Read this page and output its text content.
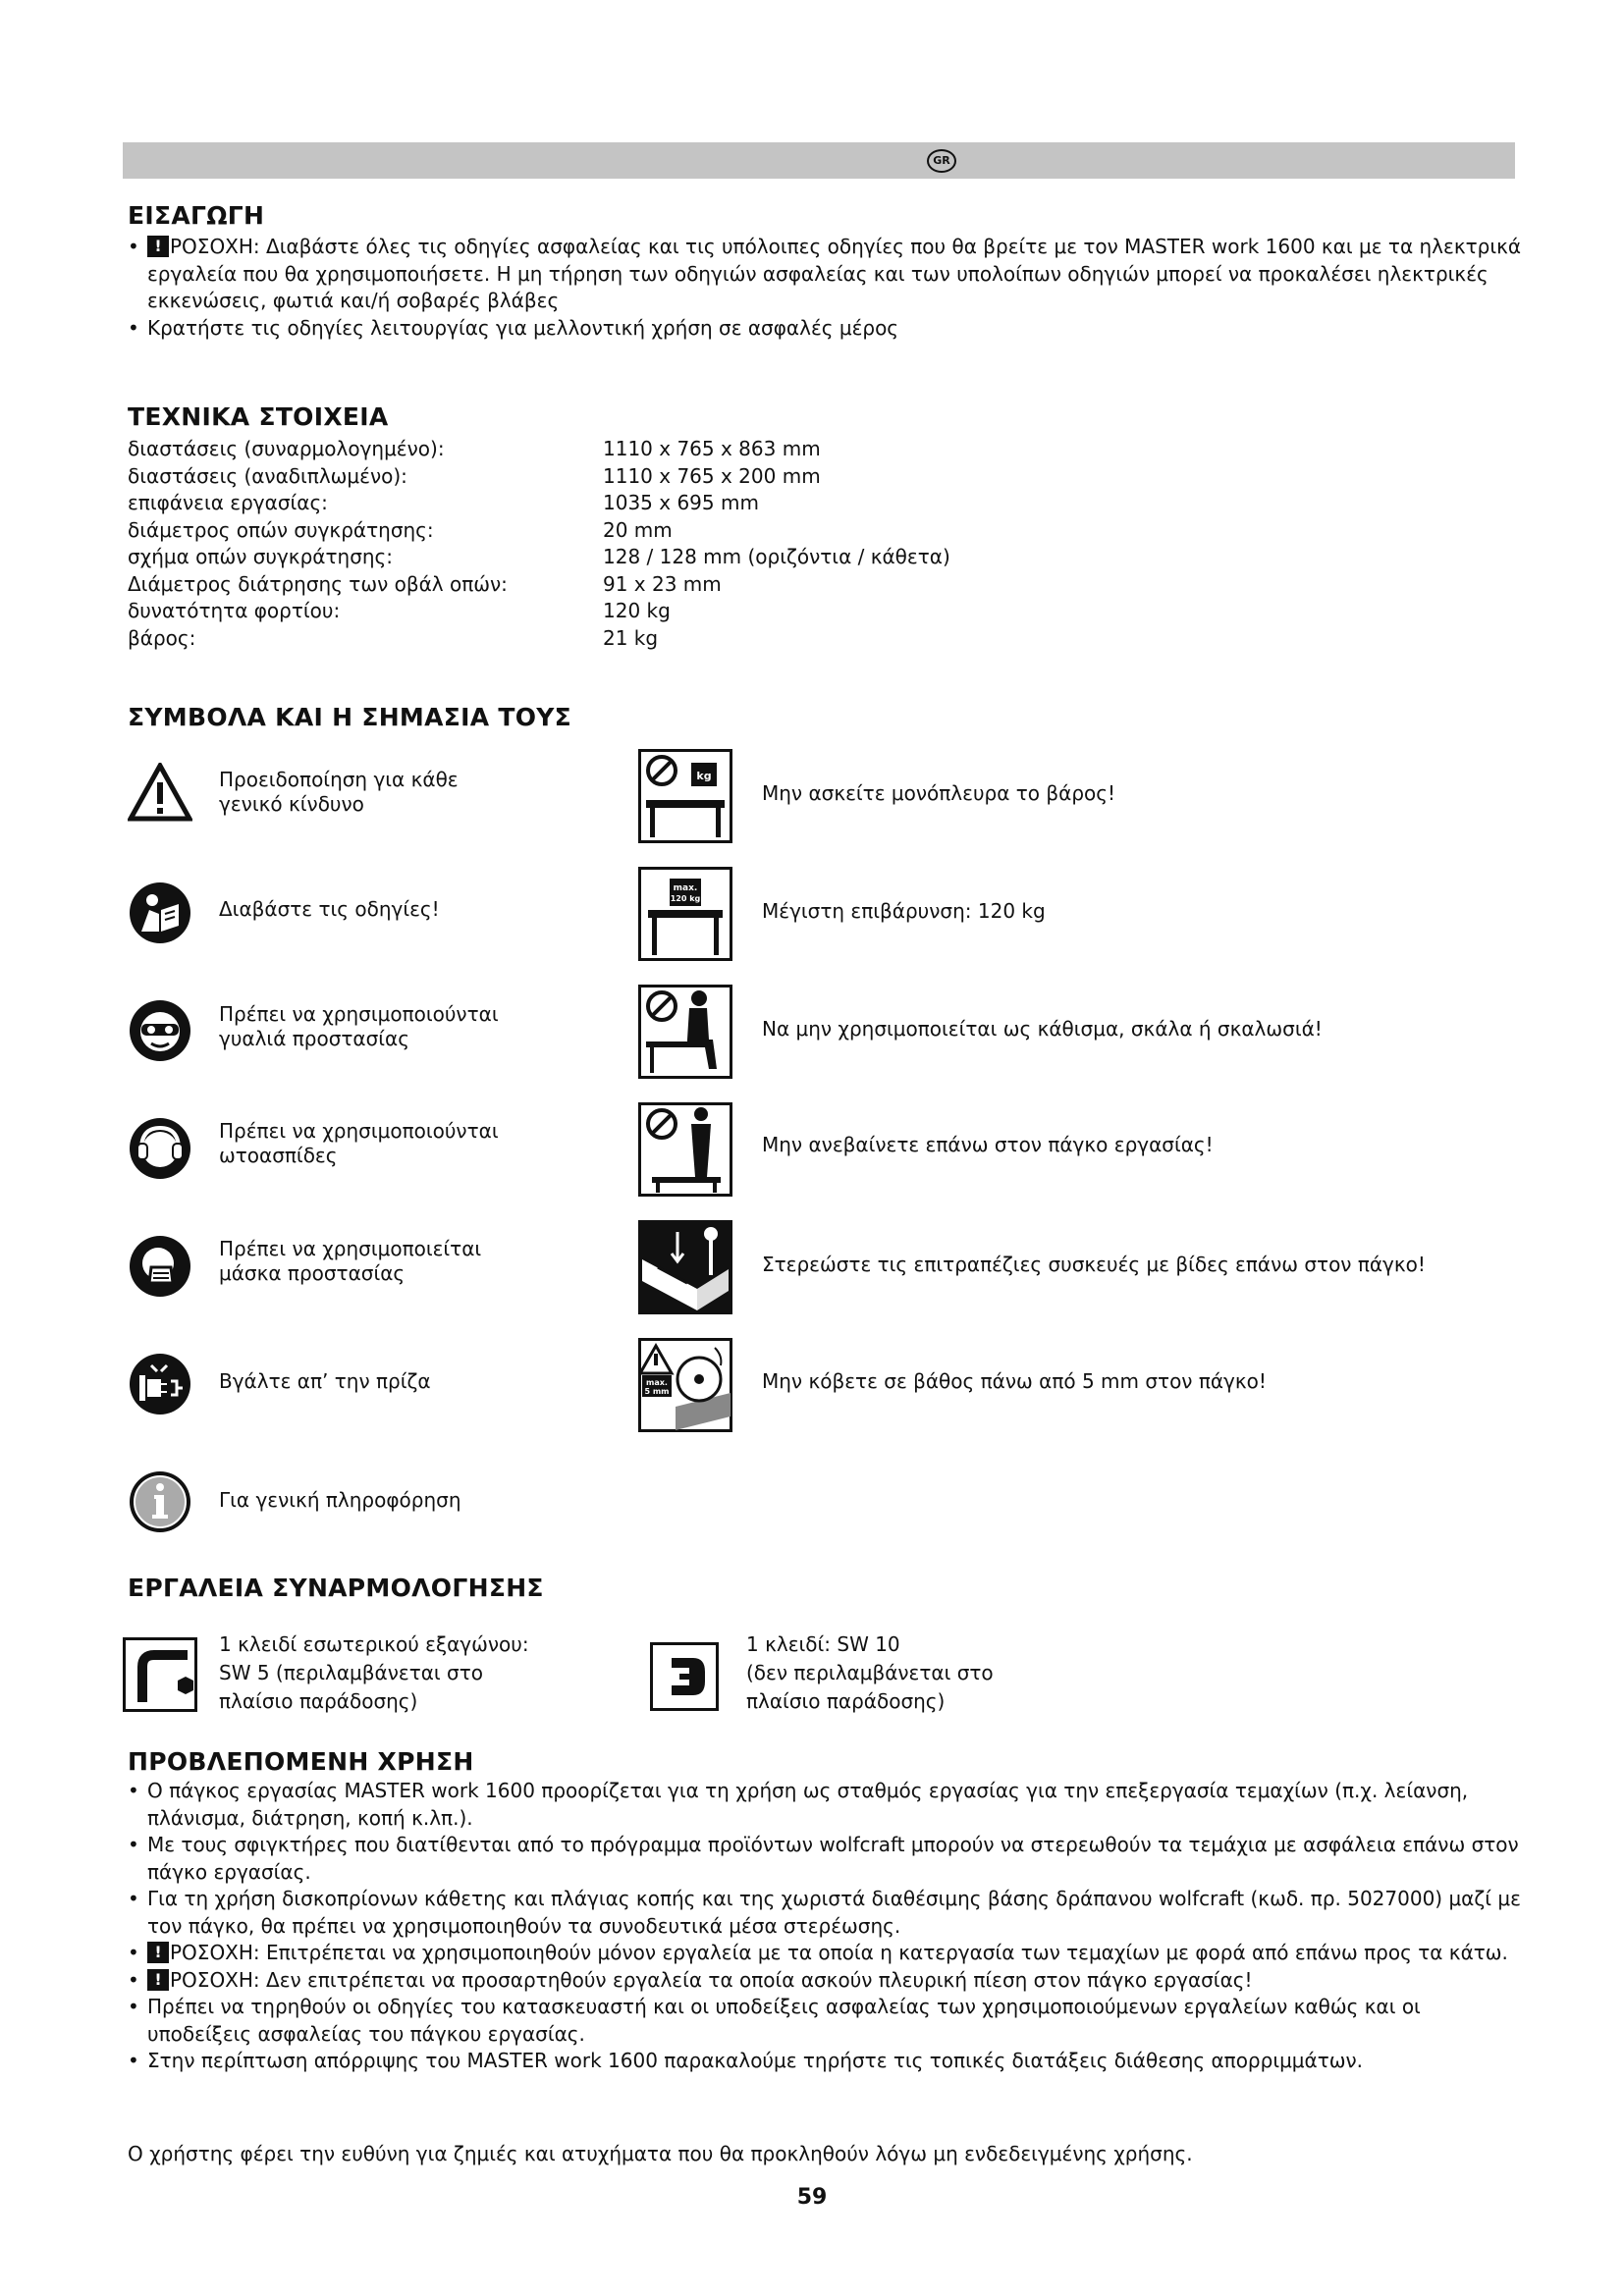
GR
ΕΙΣΑΓΩΓΗ
!• ΡΟΣΟΧΗ: Διαβάστε όλες τις οδηγίες ασφαλείας και τις υπόλοιπες οδηγίες που θα βρείτε με τον MASTER work 1600 και με τα ηλεκτρικά εργαλεία που θα χρησιμοποιήσετε. Η μη τήρηση των οδηγιών ασφαλείας και των υπολοίπων οδηγιών μπορεί να προκαλέσει ηλεκτρικές εκκενώσεις, φωτιά και/ή σοβαρές βλάβες
• Κρατήστε τις οδηγίες λειτουργίας για μελλοντική χρήση σε ασφαλές μέρος
ΤΕΧΝΙΚΑ ΣΤΟΙΧΕΙΑ
διαστάσεις (συναρμολογημένο):
διαστάσεις (αναδιπλωμένο):
επιφάνεια εργασίας:
διάμετρος οπών συγκράτησης:
σχήμα οπών συγκράτησης:
Διάμετρος διάτρησης των οβάλ οπών:
δυνατότητα φορτίου:
βάρος:
1110 x 765 x 863 mm
1110 x 765 x 200 mm
1035 x 695 mm
20 mm
128 / 128 mm (οριζόντια / κάθετα)
91 x 23 mm
120 kg
21 kg
ΣΥΜΒΟΛΑ ΚΑΙ Η ΣΗΜΑΣΙΑ ΤΟΥΣ
Προειδοποίηση για κάθε
γενικό κίνδυνο
Διαβάστε τις οδηγίες!
Πρέπει να χρησιμοποιούνται
γυαλιά προστασίας
Πρέπει να χρησιμοποιούνται
ωτοασπίδες
Πρέπει να χρησιμοποιείται
μάσκα προστασίας
Βγάλτε απ’ την πρίζα
Για γενική πληροφόρηση
kg
max.
120 kg
max.
5 mm
Μην ασκείτε μονόπλευρα το βάρος!
Μέγιστη επιβάρυνση: 120 kg
Να μην χρησιμοποιείται ως κάθισμα, σκάλα ή σκαλωσιά!
Μην ανεβαίνετε επάνω στον πάγκο εργασίας!
Στερεώστε τις επιτραπέζιες συσκευές με βίδες επάνω στον πάγκο!
Μην κόβετε σε βάθος πάνω από 5 mm στον πάγκο!
ΕΡΓΑΛΕΙΑ ΣΥΝΑΡΜΟΛΟΓΗΣΗΣ
1 κλειδί εσωτερικού εξαγώνου:
SW 5 (περιλαμβάνεται στο
πλαίσιο παράδοσης)
1 κλειδί: SW 10
(δεν περιλαμβάνεται στο
πλαίσιο παράδοσης)
ΠΡΟΒΛΕΠΟΜΕΝΗ ΧΡΗΣΗ
• Ο πάγκος εργασίας MASTER work 1600 προορίζεται για τη χρήση ως σταθμός εργασίας για την επεξεργασία τεμαχίων (π.χ. λείανση, πλάνισμα, διάτρηση, κοπή κ.λπ.).
• Με τους σφιγκτήρες που διατίθενται από το πρόγραμμα προϊόντων wolfcraft μπορούν να στερεωθούν τα τεμάχια με ασφάλεια επάνω στον πάγκο εργασίας.
• Για τη χρήση δισκοπρίονων κάθετης και πλάγιας κοπής και της χωριστά διαθέσιμης βάσης δράπανου wolfcraft (κωδ. πρ. 5027000) μαζί με τον πάγκο, θα πρέπει να χρησιμοποιηθούν τα συνοδευτικά μέσα στερέωσης.
!• ΡΟΣΟΧΗ: Επιτρέπεται να χρησιμοποιηθούν μόνον εργαλεία με τα οποία η κατεργασία των τεμαχίων με φορά από επάνω προς τα κάτω.
!• ΡΟΣΟΧΗ: Δεν επιτρέπεται να προσαρτηθούν εργαλεία τα οποία ασκούν πλευρική πίεση στον πάγκο εργασίας!
• Πρέπει να τηρηθούν οι οδηγίες του κατασκευαστή και οι υποδείξεις ασφαλείας των χρησιμοποιούμενων εργαλείων καθώς και οι υποδείξεις ασφαλείας του πάγκου εργασίας.
• Στην περίπτωση απόρριψης του MASTER work 1600 παρακαλούμε τηρήστε τις τοπικές διατάξεις διάθεσης απορριμμάτων.
Ο χρήστης φέρει την ευθύνη για ζημιές και ατυχήματα που θα προκληθούν λόγω μη ενδεδειγμένης χρήσης.
59
